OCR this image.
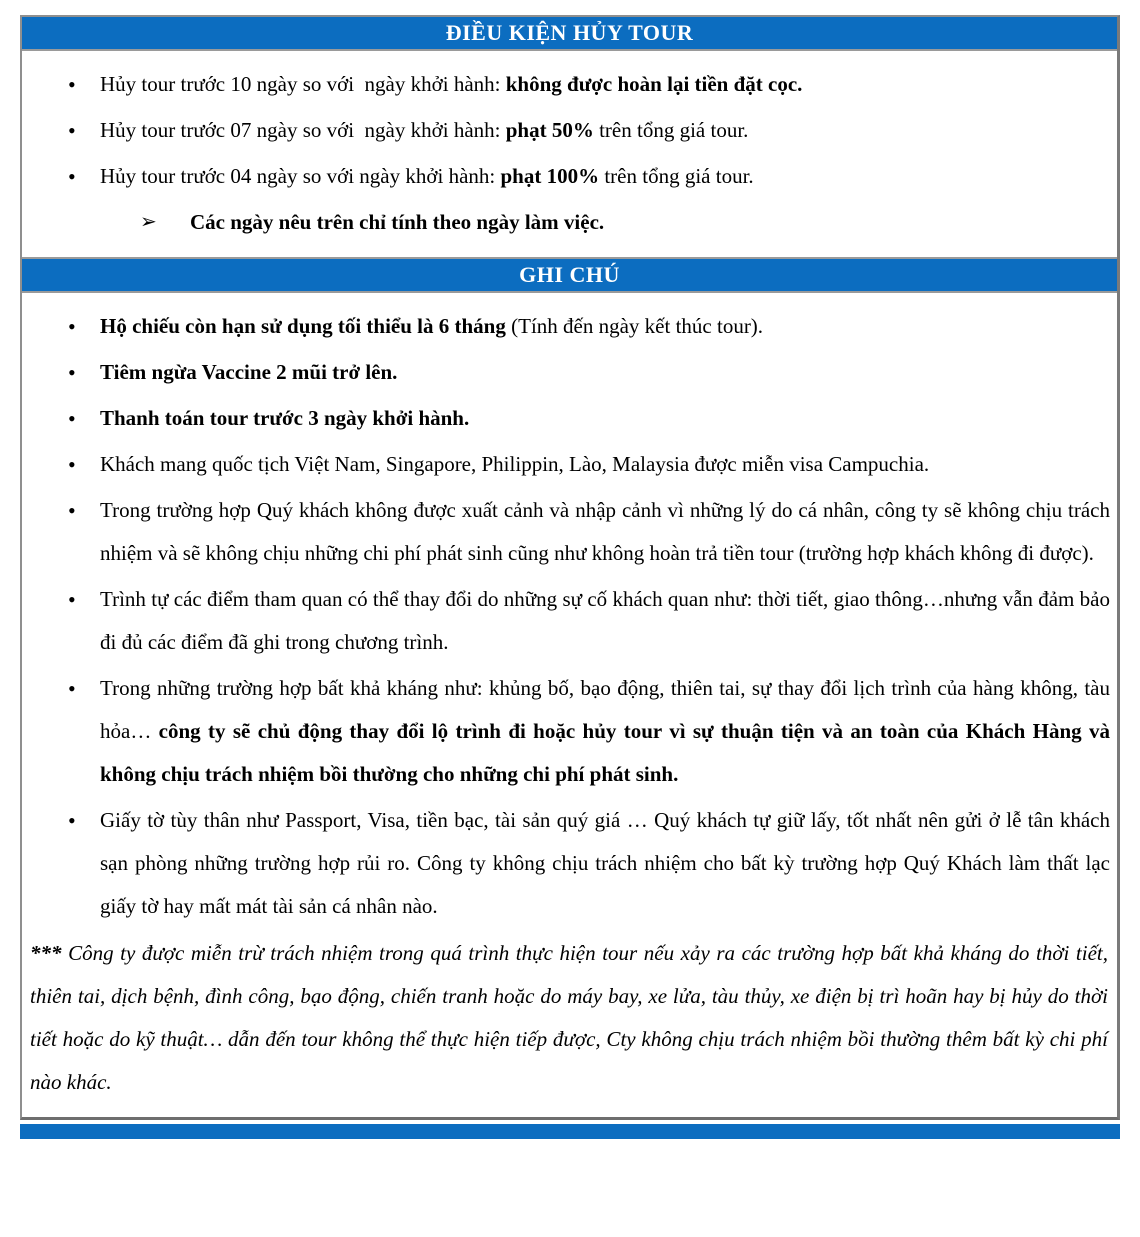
ĐIỀU KIỆN HỦY TOUR
•	Hủy tour trước 10 ngày so với  ngày khởi hành: không được hoàn lại tiền đặt cọc.
•	Hủy tour trước 07 ngày so với  ngày khởi hành: phạt 50% trên tổng giá tour.
•	Hủy tour trước 04 ngày so với ngày khởi hành: phạt 100% trên tổng giá tour.
➢	Các ngày nêu trên chỉ tính theo ngày làm việc.
GHI CHÚ
•	Hộ chiếu còn hạn sử dụng tối thiểu là 6 tháng (Tính đến ngày kết thúc tour).
•	Tiêm ngừa Vaccine 2 mũi trở lên.
•	Thanh toán tour trước 3 ngày khởi hành.
•	Khách mang quốc tịch Việt Nam, Singapore, Philippin, Lào, Malaysia được miễn visa Campuchia.
•	Trong trường hợp Quý khách không được xuất cảnh và nhập cảnh vì những lý do cá nhân, công ty sẽ không chịu trách nhiệm và sẽ không chịu những chi phí phát sinh cũng như không hoàn trả tiền tour (trường hợp khách không đi được).
•	Trình tự các điểm tham quan có thể thay đổi do những sự cố khách quan như: thời tiết, giao thông…nhưng vẫn đảm bảo đi đủ các điểm đã ghi trong chương trình.
•	Trong những trường hợp bất khả kháng như: khủng bố, bạo động, thiên tai, sự thay đổi lịch trình của hàng không, tàu hỏa… công ty sẽ chủ động thay đổi lộ trình đi hoặc hủy tour vì sự thuận tiện và an toàn của Khách Hàng và không chịu trách nhiệm bồi thường cho những chi phí phát sinh.
•	Giấy tờ tùy thân như Passport, Visa, tiền bạc, tài sản quý giá … Quý khách tự giữ lấy, tốt nhất nên gửi ở lễ tân khách sạn phòng những trường hợp rủi ro. Công ty không chịu trách nhiệm cho bất kỳ trường hợp Quý Khách làm thất lạc giấy tờ hay mất mát tài sản cá nhân nào.
*** Công ty được miễn trừ trách nhiệm trong quá trình thực hiện tour nếu xảy ra các trường hợp bất khả kháng do thời tiết, thiên tai, dịch bệnh, đình công, bạo động, chiến tranh hoặc do máy bay, xe lửa, tàu thủy, xe điện bị trì hoãn hay bị hủy do thời tiết hoặc do kỹ thuật… dẫn đến tour không thể thực hiện tiếp được, Cty không chịu trách nhiệm bồi thường thêm bất kỳ chi phí nào khác.
